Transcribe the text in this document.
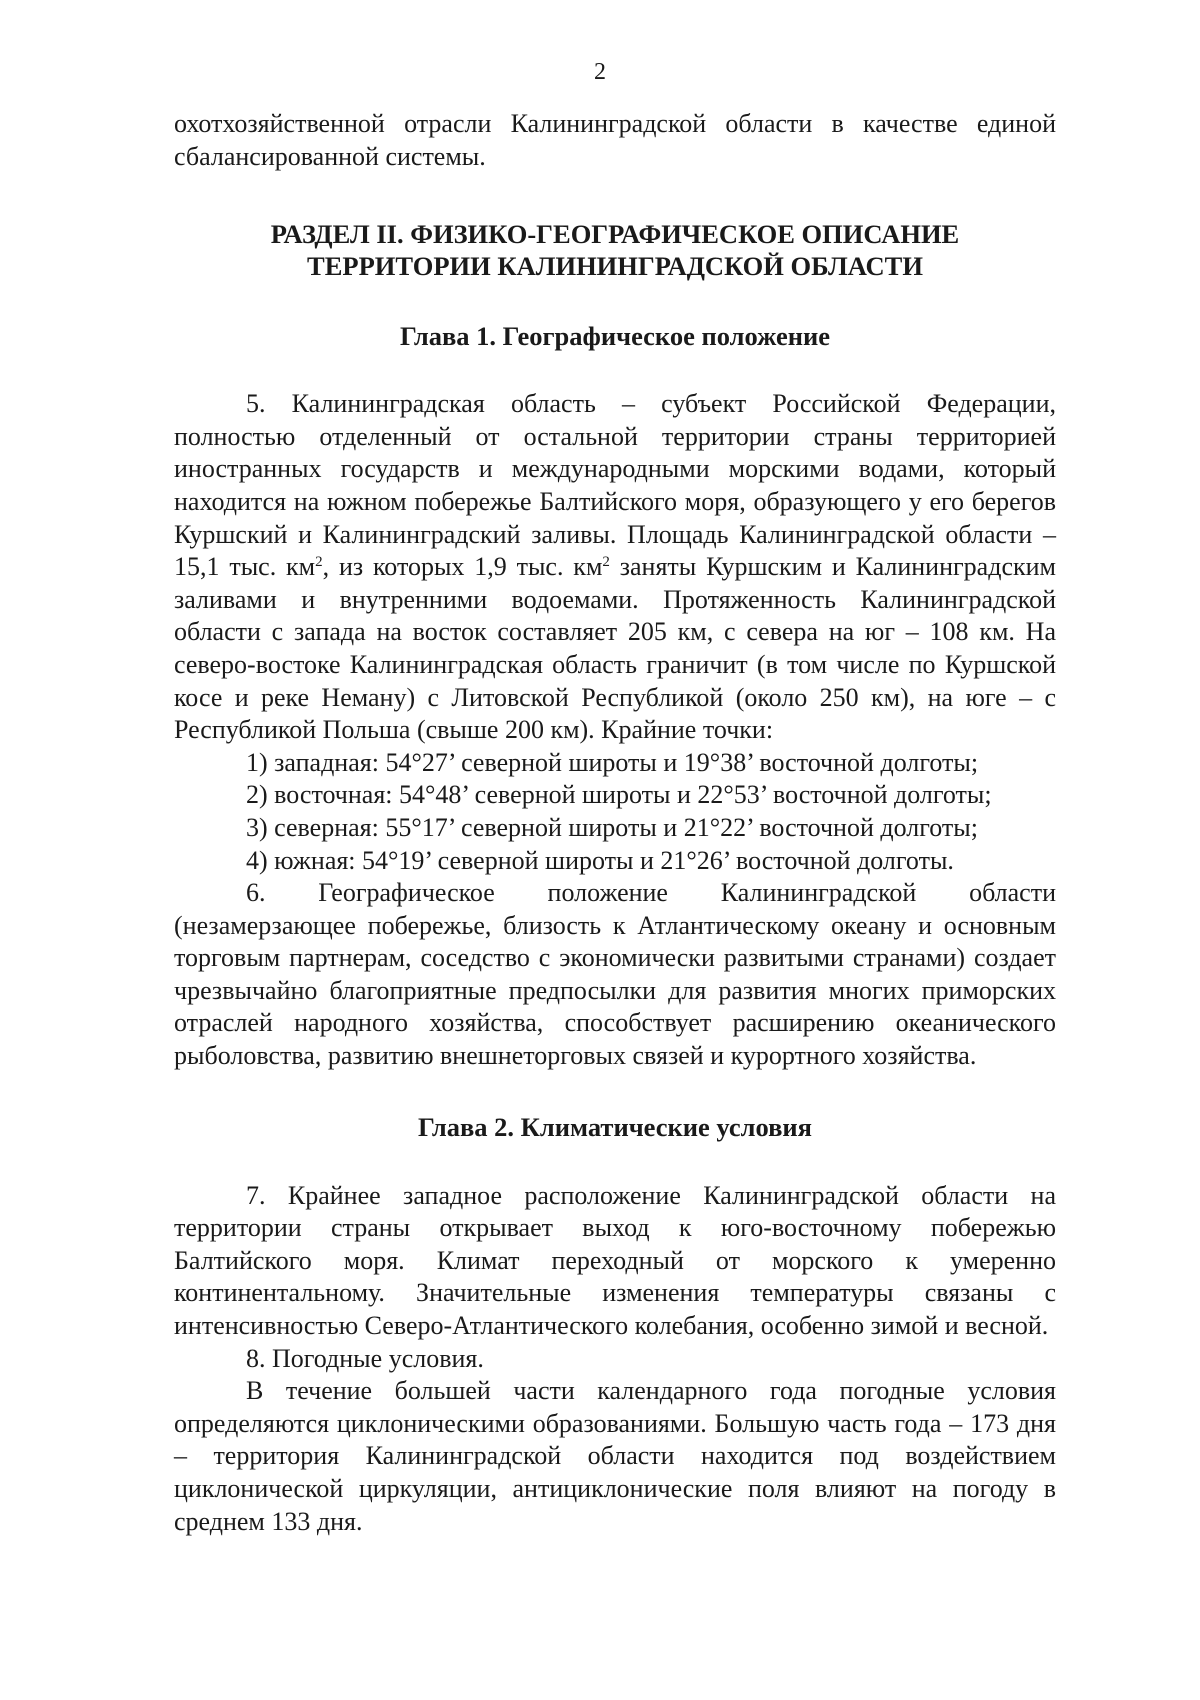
2

охотхозяйственной отрасли Калининградской области в качестве единой

сбалансированной системы.

РАЗДЕЛ II. ФИЗИКО-ГЕОГРАФИЧЕСКОЕ ОПИСАНИЕ
ТЕРРИТОРИИ КАЛИНИНГРАДСКОЙ ОБЛАСТИ
Глава 1. Географическое положение

5. Калининградская область – субъект Российской Федерации, полностью отделенный от остальной территории страны территорией иностранных государств и международными морскими водами, который находится на южном побережье Балтийского моря, образующего у его берегов Куршский и Калининградский заливы. Площадь Калининградской области – 15,1 тыс. $км^2$, из которых 1,9 тыс. $км^2$ заняты Куршским и Калининградским заливами и внутренними водоемами. Протяженность Калининградской области с запада на восток составляет 205 км, с севера на юг – 108 км. На северо-востоке Калининградская область граничит (в том числе по Куршской косе и реке Неману) с Литовской Республикой (около 250 км), на юге – с Республикой Польша (свыше 200 км). Крайние точки:

1) западная: 54°27’ северной широты и 19°38’ восточной долготы;
2) восточная: 54°48’ северной широты и 22°53’ восточной долготы;
3) северная: 55°17’ северной широты и 21°22’ восточной долготы;
4) южная: 54°19’ северной широты и 21°26’ восточной долготы.

6. Географическое положение Калининградской области (незамерзающее побережье, близость к Атлантическому океану и основным торговым партнерам, соседство с экономически развитыми странами) создает чрезвычайно благоприятные предпосылки для развития многих приморских отраслей народного хозяйства, способствует расширению океанического рыболовства, развитию внешнеторговых связей и курортного хозяйства.

Глава 2. Климатические условия

7. Крайнее западное расположение Калининградской области на территории страны открывает выход к юго-восточному побережью Балтийского моря. Климат переходный от морского к умеренно континентальному. Значительные изменения температуры связаны с интенсивностью Северо-Атлантического колебания, особенно зимой и весной.

8. Погодные условия.

В течение большей части календарного года погодные условия определяются циклоническими образованиями. Большую часть года – 173 дня – территория Калининградской области находится под воздействием циклонической циркуляции, антициклонические поля влияют на погоду в среднем 133 дня.
